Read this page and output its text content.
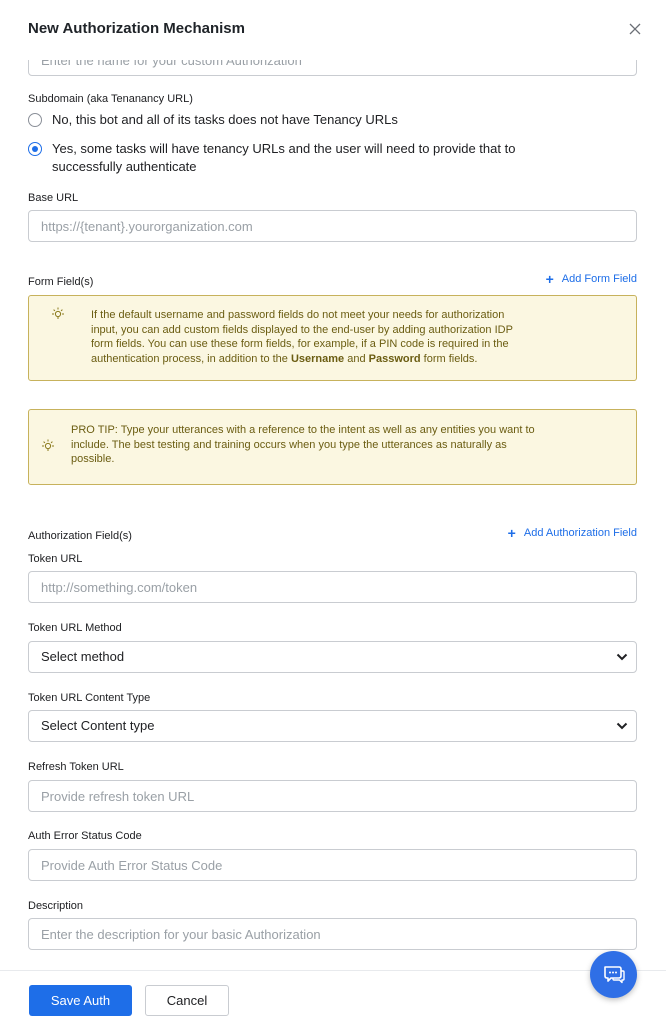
Enter the name for your custom Authorization
Subdomain (aka Tenanancy URL)
No, this bot and all of its tasks does not have Tenancy URLs
Yes, some tasks will have tenancy URLs and the user will need to provide that to
successfully authenticate
Base URL
https://{tenant}.yourorganization.com
Form Field(s)	+ Add Form Field
If the default username and password fields do not meet your needs for authorization
input, you can add custom fields displayed to the end-user by adding authorization IDP
form fields. You can use these form fields, for example, if a PIN code is required in the
authentication process, in addition to the Username and Password form fields.
PRO TIP: Type your utterances with a reference to the intent as well as any entities you want to
include. The best testing and training occurs when you type the utterances as naturally as
possible.
Authorization Field(s)	+ Add Authorization Field
Token URL
http://something.com/token
Token URL Method
Select method
Token URL Content Type
Select Content type
Refresh Token URL
Provide refresh token URL
Auth Error Status Code
Provide Auth Error Status Code
Description
Enter the description for your basic Authorization
New Authorization Mechanism
Save Auth	Cancel
